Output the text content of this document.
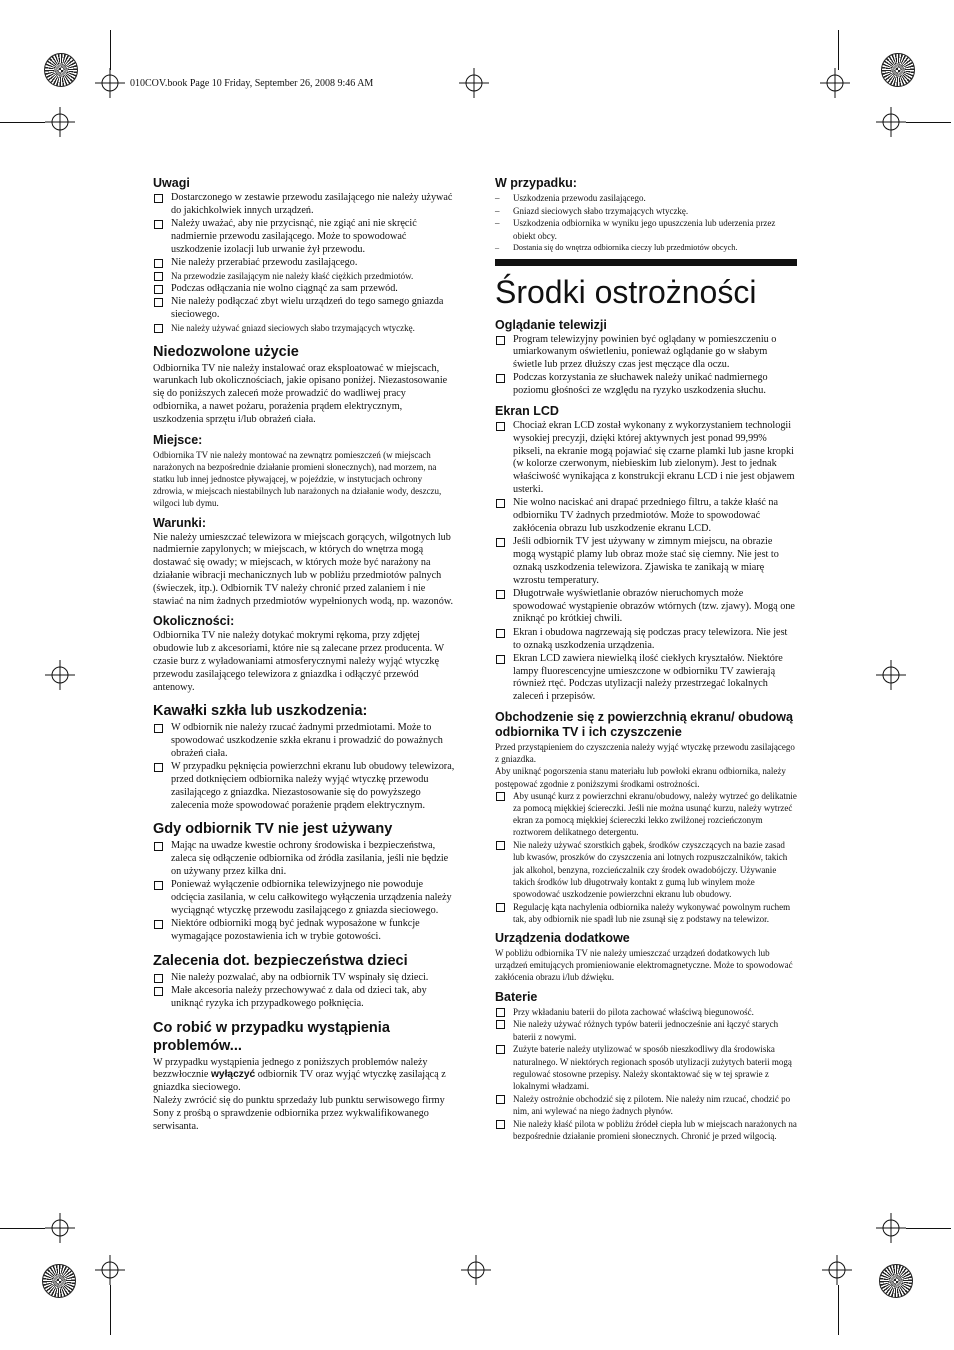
010COV.book Page 10 Friday, September 26, 2008 9:46 AM
Uwagi
Dostarczonego w zestawie przewodu zasilającego nie należy używać do jakichkolwiek innych urządzeń.
Należy uważać, aby nie przycisnąć, nie zgiąć ani nie skręcić nadmiernie przewodu zasilającego. Może to spowodować uszkodzenie izolacji lub urwanie żył przewodu.
Nie należy przerabiać przewodu zasilającego.
Na przewodzie zasilającym nie należy kłaść ciężkich przedmiotów.
Podczas odłączania nie wolno ciągnąć za sam przewód.
Nie należy podłączać zbyt wielu urządzeń do tego samego gniazda sieciowego.
Nie należy używać gniazd sieciowych słabo trzymających wtyczkę.
Niedozwolone użycie

Odbiornika TV nie należy instalować oraz eksploatować w miejscach, warunkach lub okolicznościach, jakie opisano poniżej. Niezastosowanie się do poniższych zaleceń może prowadzić do wadliwej pracy odbiornika, a nawet pożaru, porażenia prądem elektrycznym, uszkodzenia sprzętu i/lub obrażeń ciała.

Miejsce:

Odbiornika TV nie należy montować na zewnątrz pomieszczeń (w miejscach narażonych na bezpośrednie działanie promieni słonecznych), nad morzem, na statku lub innej jednostce pływającej, w pojeździe, w instytucjach ochrony zdrowia, w miejscach niestabilnych lub narażonych na działanie wody, deszczu, wilgoci lub dymu.

Warunki:

Nie należy umieszczać telewizora w miejscach gorących, wilgotnych lub nadmiernie zapylonych; w miejscach, w których do wnętrza mogą dostawać się owady; w miejscach, w których może być narażony na działanie wibracji mechanicznych lub w pobliżu przedmiotów palnych (świeczek, itp.). Odbiornik TV należy chronić przed zalaniem i nie stawiać na nim żadnych przedmiotów wypełnionych wodą, np. wazonów.

Okoliczności:

Odbiornika TV nie należy dotykać mokrymi rękoma, przy zdjętej obudowie lub z akcesoriami, które nie są zalecane przez producenta. W czasie burz z wyładowaniami atmosferycznymi należy wyjąć wtyczkę przewodu zasilającego telewizora z gniazdka i odłączyć przewód antenowy.

Kawałki szkła lub uszkodzenia:
W odbiornik nie należy rzucać żadnymi przedmiotami. Może to spowodować uszkodzenie szkła ekranu i prowadzić do poważnych obrażeń ciała.
W przypadku pęknięcia powierzchni ekranu lub obudowy telewizora, przed dotknięciem odbiornika należy wyjąć wtyczkę przewodu zasilającego z gniazdka. Niezastosowanie się do powyższego zalecenia może spowodować porażenie prądem elektrycznym.
Gdy odbiornik TV nie jest używany
Mając na uwadze kwestie ochrony środowiska i bezpieczeństwa, zaleca się odłączenie odbiornika od źródła zasilania, jeśli nie będzie on używany przez kilka dni.
Ponieważ wyłączenie odbiornika telewizyjnego nie powoduje odcięcia zasilania, w celu całkowitego wyłączenia urządzenia należy wyciągnąć wtyczkę przewodu zasilającego z gniazda sieciowego.
Niektóre odbiorniki mogą być jednak wyposażone w funkcje wymagające pozostawienia ich w trybie gotowości.
Zalecenia dot. bezpieczeństwa dzieci
Nie należy pozwalać, aby na odbiornik TV wspinały się dzieci.
Małe akcesoria należy przechowywać z dala od dzieci tak, aby uniknąć ryzyka ich przypadkowego połknięcia.
Co robić w przypadku wystąpienia problemów...

W przypadku wystąpienia jednego z poniższych problemów należy bezzwłocznie wyłączyć odbiornik TV oraz wyjąć wtyczkę zasilającą z gniazdka sieciowego.

Należy zwrócić się do punktu sprzedaży lub punktu serwisowego firmy Sony z prośbą o sprawdzenie odbiornika przez wykwalifikowanego serwisanta.

W przypadku:
– Uszkodzenia przewodu zasilającego.
– Gniazd sieciowych słabo trzymających wtyczkę.
– Uszkodzenia odbiornika w wyniku jego upuszczenia lub uderzenia przez obiekt obcy.
– Dostania się do wnętrza odbiornika cieczy lub przedmiotów obcych.
Środki ostrożności
Oglądanie telewizji
Program telewizyjny powinien być oglądany w pomieszczeniu o umiarkowanym oświetleniu, ponieważ oglądanie go w słabym świetle lub przez dłuższy czas jest męczące dla oczu.
Podczas korzystania ze słuchawek należy unikać nadmiernego poziomu głośności ze względu na ryzyko uszkodzenia słuchu.
Ekran LCD
Chociaż ekran LCD został wykonany z wykorzystaniem technologii wysokiej precyzji, dzięki której aktywnych jest ponad 99,99% pikseli, na ekranie mogą pojawiać się czarne plamki lub jasne kropki (w kolorze czerwonym, niebieskim lub zielonym). Jest to jednak właściwość wynikająca z konstrukcji ekranu LCD i nie jest objawem usterki.
Nie wolno naciskać ani drapać przedniego filtru, a także kłaść na odbiorniku TV żadnych przedmiotów. Może to spowodować zakłócenia obrazu lub uszkodzenie ekranu LCD.
Jeśli odbiornik TV jest używany w zimnym miejscu, na obrazie mogą wystąpić plamy lub obraz może stać się ciemny. Nie jest to oznaką uszkodzenia telewizora. Zjawiska te zanikają w miarę wzrostu temperatury.
Długotrwałe wyświetlanie obrazów nieruchomych może spowodować wystąpienie obrazów wtórnych (tzw. zjawy). Mogą one zniknąć po krótkiej chwili.
Ekran i obudowa nagrzewają się podczas pracy telewizora. Nie jest to oznaką uszkodzenia urządzenia.
Ekran LCD zawiera niewielką ilość ciekłych kryształów. Niektóre lampy fluorescencyjne umieszczone w odbiorniku TV zawierają również rtęć. Podczas utylizacji należy przestrzegać lokalnych zaleceń i przepisów.
Obchodzenie się z powierzchnią ekranu/ obudową odbiornika TV i ich czyszczenie

Przed przystąpieniem do czyszczenia należy wyjąć wtyczkę przewodu zasilającego z gniazdka.

Aby uniknąć pogorszenia stanu materiału lub powłoki ekranu odbiornika, należy postępować zgodnie z poniższymi środkami ostrożności.

Aby usunąć kurz z powierzchni ekranu/obudowy, należy wytrzeć go delikatnie za pomocą miękkiej ściereczki. Jeśli nie można usunąć kurzu, należy wytrzeć ekran za pomocą miękkiej ściereczki lekko zwilżonej rozcieńczonym roztworem delikatnego detergentu.
Nie należy używać szorstkich gąbek, środków czyszczących na bazie zasad lub kwasów, proszków do czyszczenia ani lotnych rozpuszczalników, takich jak alkohol, benzyna, rozcieńczalnik czy środek owadobójczy. Używanie takich środków lub długotrwały kontakt z gumą lub winylem może spowodować uszkodzenie powierzchni ekranu lub obudowy.
Regulację kąta nachylenia odbiornika należy wykonywać powolnym ruchem tak, aby odbiornik nie spadł lub nie zsunął się z podstawy na telewizor.
Urządzenia dodatkowe

W pobliżu odbiornika TV nie należy umieszczać urządzeń dodatkowych lub urządzeń emitujących promieniowanie elektromagnetyczne. Może to spowodować zakłócenia obrazu i/lub dźwięku.

Baterie
Przy wkładaniu baterii do pilota zachować właściwą biegunowość.
Nie należy używać różnych typów baterii jednocześnie ani łączyć starych baterii z nowymi.
Zużyte baterie należy utylizować w sposób nieszkodliwy dla środowiska naturalnego. W niektórych regionach sposób utylizacji zużytych baterii mogą regulować stosowne przepisy. Należy skontaktować się w tej sprawie z lokalnymi władzami.
Należy ostrożnie obchodzić się z pilotem. Nie należy nim rzucać, chodzić po nim, ani wylewać na niego żadnych płynów.
Nie należy kłaść pilota w pobliżu źródeł ciepła lub w miejscach narażonych na bezpośrednie działanie promieni słonecznych. Chronić je przed wilgocią.
